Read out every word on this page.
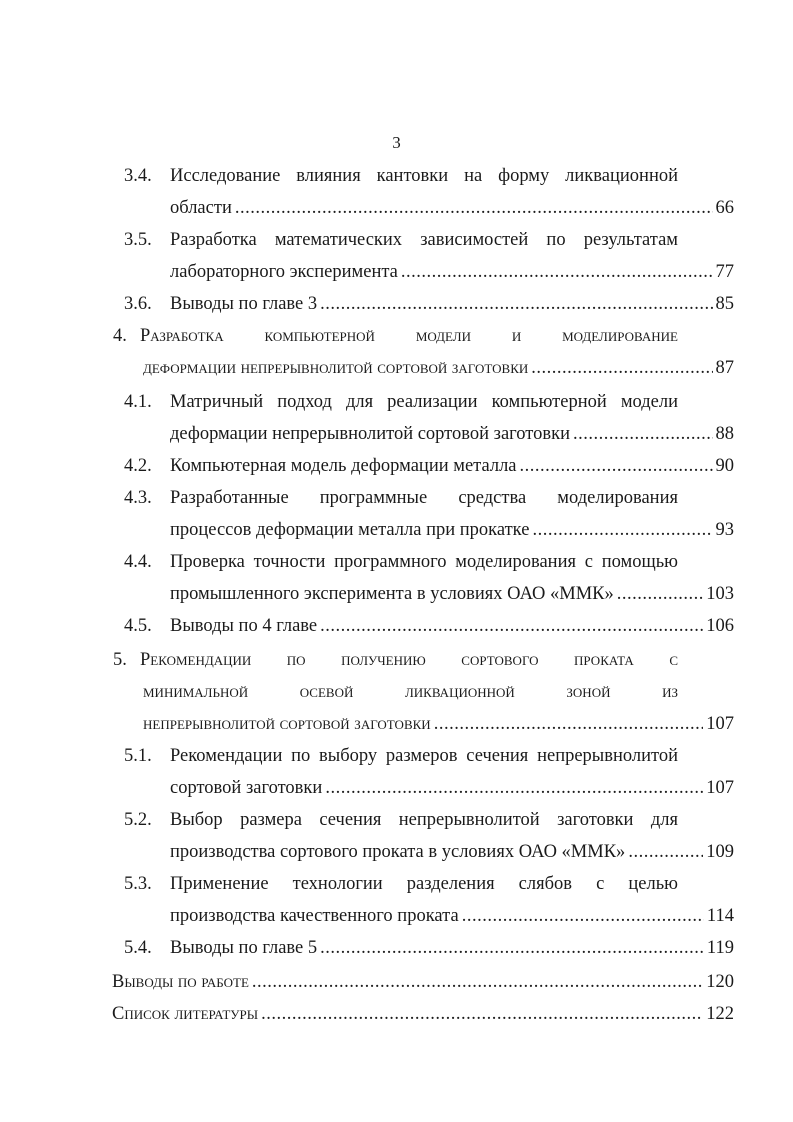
3
3.4. Исследование влияния кантовки на форму ликвационной
области .....	66
3.5. Разработка математических зависимостей по результатам
лабораторного эксперимента .....	77
3.6. Выводы по главе 3 .....	85
4. Разработка компьютерной модели и моделирование
деформации непрерывнолитой сортовой заготовки .....	87
4.1. Матричный подход для реализации компьютерной модели
деформации непрерывнолитой сортовой заготовки .....	88
4.2. Компьютерная модель деформации металла .....	90
4.3. Разработанные программные средства моделирования
процессов деформации металла при прокатке .....	93
4.4. Проверка точности программного моделирования с помощью
промышленного эксперимента в условиях ОАО «ММК» .....	103
4.5. Выводы по 4 главе .....	106
5. Рекомендации по получению сортового проката с
минимальной осевой ликвационной зоной из
непрерывнолитой сортовой заготовки .....	107
5.1. Рекомендации по выбору размеров сечения непрерывнолитой
сортовой заготовки .....	107
5.2. Выбор размера сечения непрерывнолитой заготовки для
производства сортового проката в условиях ОАО «ММК» .....	109
5.3. Применение технологии разделения слябов с целью
производства качественного проката .....	114
5.4. Выводы по главе 5 .....	119
Выводы по работе .....	120
Список литературы .....	122
